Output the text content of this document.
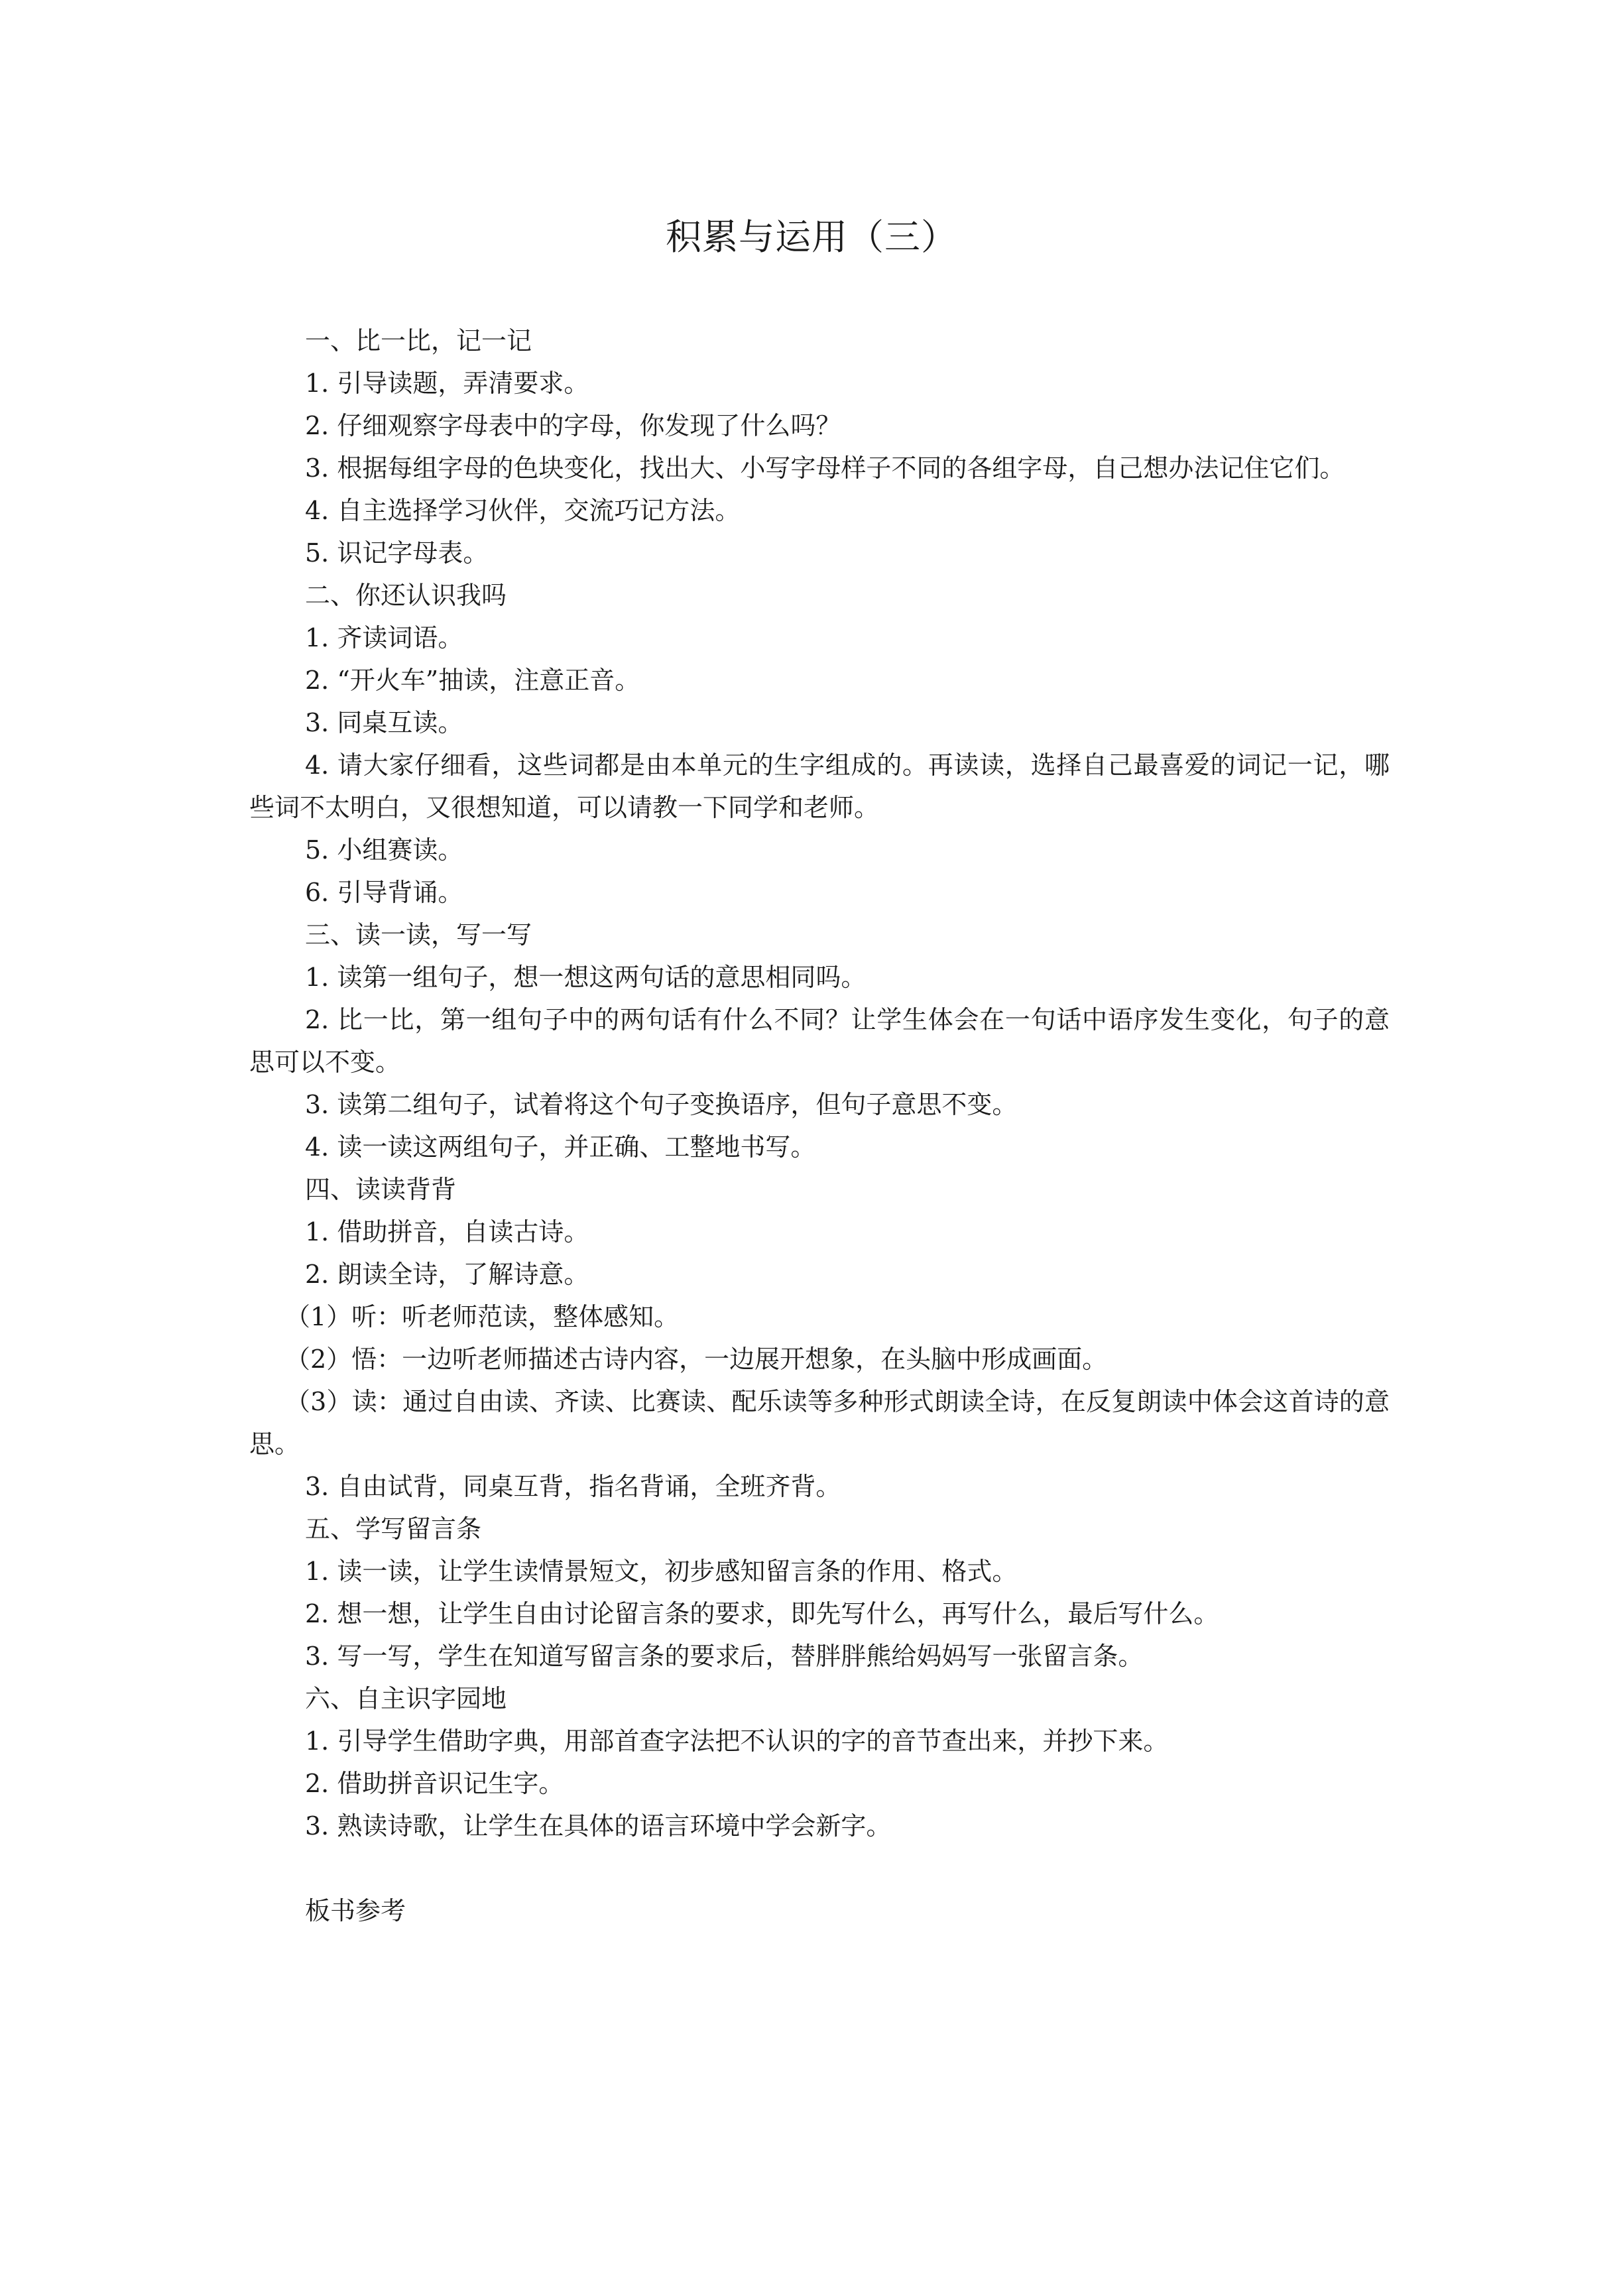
积累与运用（三）

一、比一比，记一记

1. 引导读题，弄清要求。

2. 仔细观察字母表中的字母，你发现了什么吗？

3. 根据每组字母的色块变化，找出大、小写字母样子不同的各组字母，自己想办法记住它们。

4. 自主选择学习伙伴，交流巧记方法。

5. 识记字母表。

二、你还认识我吗

1. 齐读词语。

2. “开火车”抽读，注意正音。

3. 同桌互读。

4. 请大家仔细看，这些词都是由本单元的生字组成的。再读读，选择自己最喜爱的词记一记，哪些词不太明白，又很想知道，可以请教一下同学和老师。

5. 小组赛读。

6. 引导背诵。

三、读一读，写一写

1. 读第一组句子，想一想这两句话的意思相同吗。

2. 比一比，第一组句子中的两句话有什么不同？让学生体会在一句话中语序发生变化，句子的意思可以不变。

3. 读第二组句子，试着将这个句子变换语序，但句子意思不变。

4. 读一读这两组句子，并正确、工整地书写。

四、读读背背

1. 借助拼音，自读古诗。

2. 朗读全诗，了解诗意。

（1）听：听老师范读，整体感知。

（2）悟：一边听老师描述古诗内容，一边展开想象，在头脑中形成画面。

（3）读：通过自由读、齐读、比赛读、配乐读等多种形式朗读全诗，在反复朗读中体会这首诗的意思。

3. 自由试背，同桌互背，指名背诵，全班齐背。

五、学写留言条

1. 读一读，让学生读情景短文，初步感知留言条的作用、格式。

2. 想一想，让学生自由讨论留言条的要求，即先写什么，再写什么，最后写什么。

3. 写一写，学生在知道写留言条的要求后，替胖胖熊给妈妈写一张留言条。

六、自主识字园地

1. 引导学生借助字典，用部首查字法把不认识的字的音节查出来，并抄下来。

2. 借助拼音识记生字。

3. 熟读诗歌，让学生在具体的语言环境中学会新字。

板书参考
